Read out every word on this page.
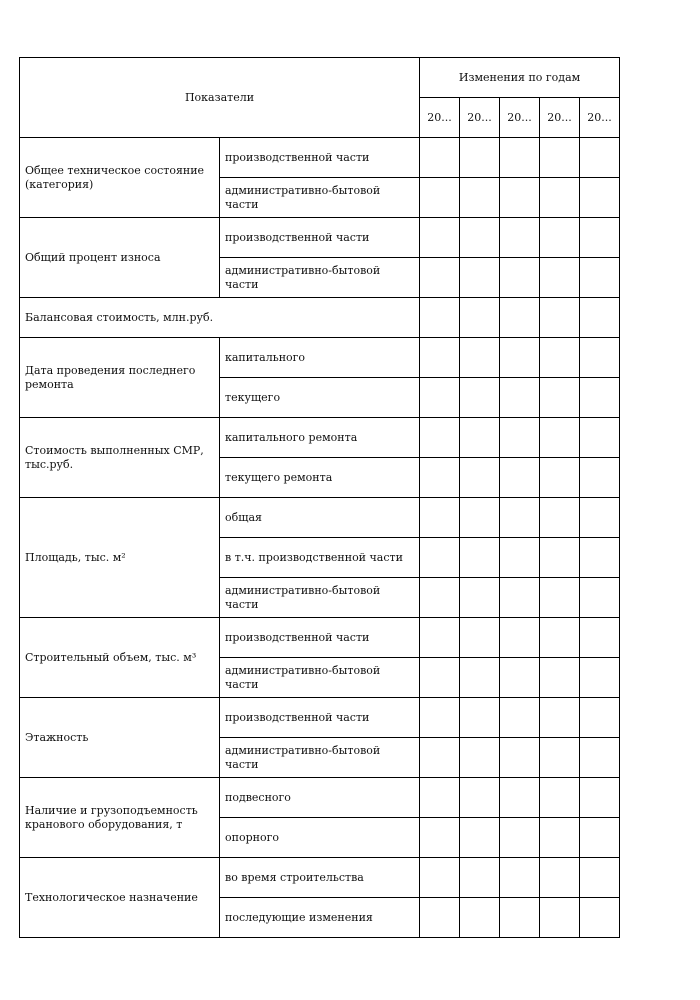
Показатели		Изменения по годам				
		20...	20...	20...	20...	20...
Общее техническое состояние (категория)	производственной части					
	административно-бытовой части					
Общий процент износа	производственной части					
	административно-бытовой части					
Балансовая стоимость, млн.руб.						
Дата проведения последнего ремонта	капитального					
	текущего					
Стоимость выполненных СМР, тыс.руб.	капитального ремонта					
	текущего ремонта					
Площадь, тыс. м²	общая					
	в т.ч. производственной части					
	административно-бытовой части					
Строительный объем, тыс. м³	производственной части					
	административно-бытовой части					
Этажность	производственной части					
	административно-бытовой части					
Наличие и грузоподъемность кранового оборудования, т	подвесного					
	опорного					
Технологическое назначение	во время строительства					
	последующие изменения					
